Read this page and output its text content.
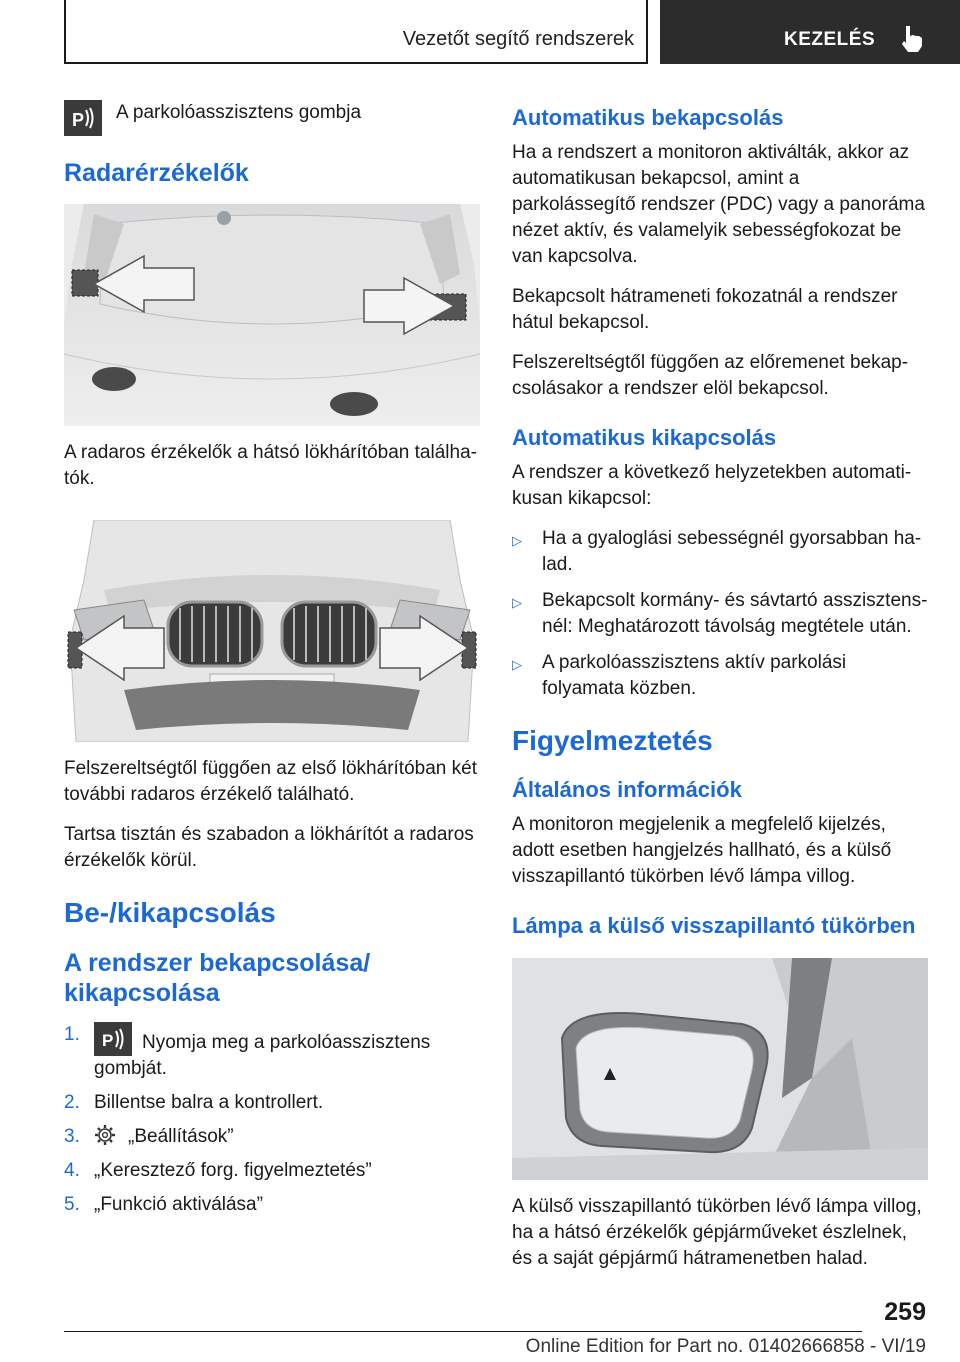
Vezetőt segítő rendszerek	KEZELÉS
P A parkolóasszisztens gombja
Radarérzékelők

A radaros érzékelők a hátsó lökhárítóban találhatók.

Felszereltségtől függően az első lökhárítóban két további radaros érzékelő található.

Tartsa tisztán és szabadon a lökhárítót a radaros érzékelők körül.

Be-/kikapcsolás
A rendszer bekapcsolása/ kikapcsolása
1.	P Nyomja meg a parkolóasszisztens gombját.
2. Billentse balra a kontrollert.
3.	„Beállítások”
4. „Keresztező forg. figyelmeztetés”
5. „Funkció aktiválása”
Automatikus bekapcsolás

Ha a rendszert a monitoron aktiválták, akkor az automatikusan bekapcsol, amint a parkolássegítő rendszer (PDC) vagy a panoráma nézet aktív, és valamelyik sebességfokozat be van kapcsolva.

Bekapcsolt hátrameneti fokozatnál a rendszer hátul bekapcsol.

Felszereltségtől függően az előremenet bekapcsolásakor a rendszer elöl bekapcsol.

Automatikus kikapcsolás

A rendszer a következő helyzetekben automatikusan kikapcsol:

▷	Ha a gyaloglási sebességnél gyorsabban halad.
▷	Bekapcsolt kormány- és sávtartó asszisztensnél: Meghatározott távolság megtétele után.
▷	A parkolóasszisztens aktív parkolási folyamata közben.
Figyelmeztetés
Általános információk

A monitoron megjelenik a megfelelő kijelzés, adott esetben hangjelzés hallható, és a külső visszapillantó tükörben lévő lámpa villog.

Lámpa a külső visszapillantó tükörben

A külső visszapillantó tükörben lévő lámpa villog, ha a hátsó érzékelők gépjárműveket észlelnek, és a saját gépjármű hátramenetben halad.

259
Online Edition for Part no. 01402666858 - VI/19
